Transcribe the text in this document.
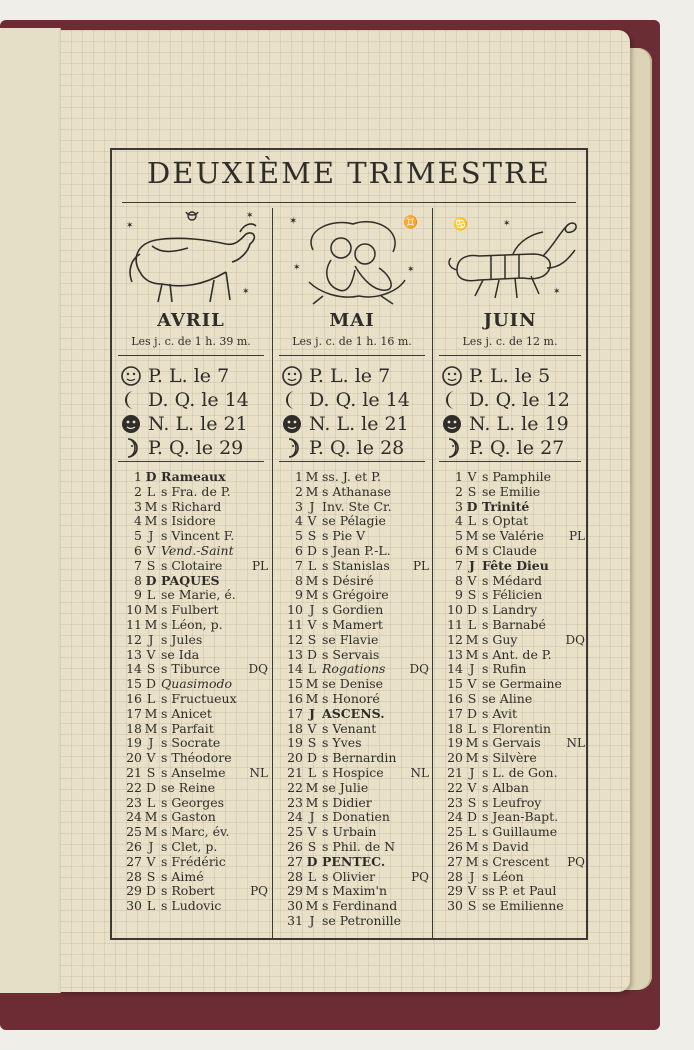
DEUXIÈME TRIMESTRE
✶
✶
✶
AVRIL
Les j. c. de 1 h. 39 m.
P. L. le 7
D. Q. le 14
N. L. le 21
P. Q. le 29
1 D Rameaux
2 L s Fra. de P.
3 M s Richard
4 M s Isidore
5 J s Vincent F.
6 V Vend.-Saint
7 S s Clotaire	PL
8 D PAQUES
9 L se Marie, é.
10 M s Fulbert
11 M s Léon, p.
12 J s Jules
13 V se Ida
14 S s Tiburce	DQ
15 D Quasimodo
16 L s Fructueux
17 M s Anicet
18 M s Parfait
19 J s Socrate
20 V s Théodore
21 S s Anselme	NL
22 D se Reine
23 L s Georges
24 M s Gaston
25 M s Marc, év.
26 J s Clet, p.
27 V s Frédéric
28 S s Aimé
29 D s Robert	PQ
30 L s Ludovic
✶	♊
✶	✶
MAI
Les j. c. de 1 h. 16 m.
P. L. le 7
D. Q. le 14
N. L. le 21
P. Q. le 28
1 M ss. J. et P.
2 M s Athanase
3 J Inv. Ste Cr.
4 V se Pélagie
5 S s Pie V
6 D s Jean P.-L.
7 L s Stanislas	PL
8 M s Désiré
9 M s Grégoire
10 J s Gordien
11 V s Mamert
12 S se Flavie
13 D s Servais
14 L Rogations	DQ
15 M se Denise
16 M s Honoré
17 J ASCENS.
18 V s Venant
19 S s Yves
20 D s Bernardin
21 L s Hospice	NL
22 M se Julie
23 M s Didier
24 J s Donatien
25 V s Urbain
26 S s Phil. de N
27 D PENTEC.
28 L s Olivier	PQ
29 M s Maxim'n
30 M s Ferdinand
31 J se Petronille
♋
✶
✶
JUIN
Les j. c. de 12 m.
P. L. le 5
D. Q. le 12
N. L. le 19
P. Q. le 27
1 V s Pamphile
2 S se Emilie
3 D Trinité
4 L s Optat
5 M se Valérie	PL
6 M s Claude
7 J Fête Dieu
8 V s Médard
9 S s Félicien
10 D s Landry
11 L s Barnabé
12 M s Guy	DQ
13 M s Ant. de P.
14 J s Rufin
15 V se Germaine
16 S se Aline
17 D s Avit
18 L s Florentin
19 M s Gervais	NL
20 M s Silvère
21 J s L. de Gon.
22 V s Alban
23 S s Leufroy
24 D s Jean-Bapt.
25 L s Guillaume
26 M s David
27 M s Crescent	PQ
28 J s Léon
29 V ss P. et Paul
30 S se Emilienne
